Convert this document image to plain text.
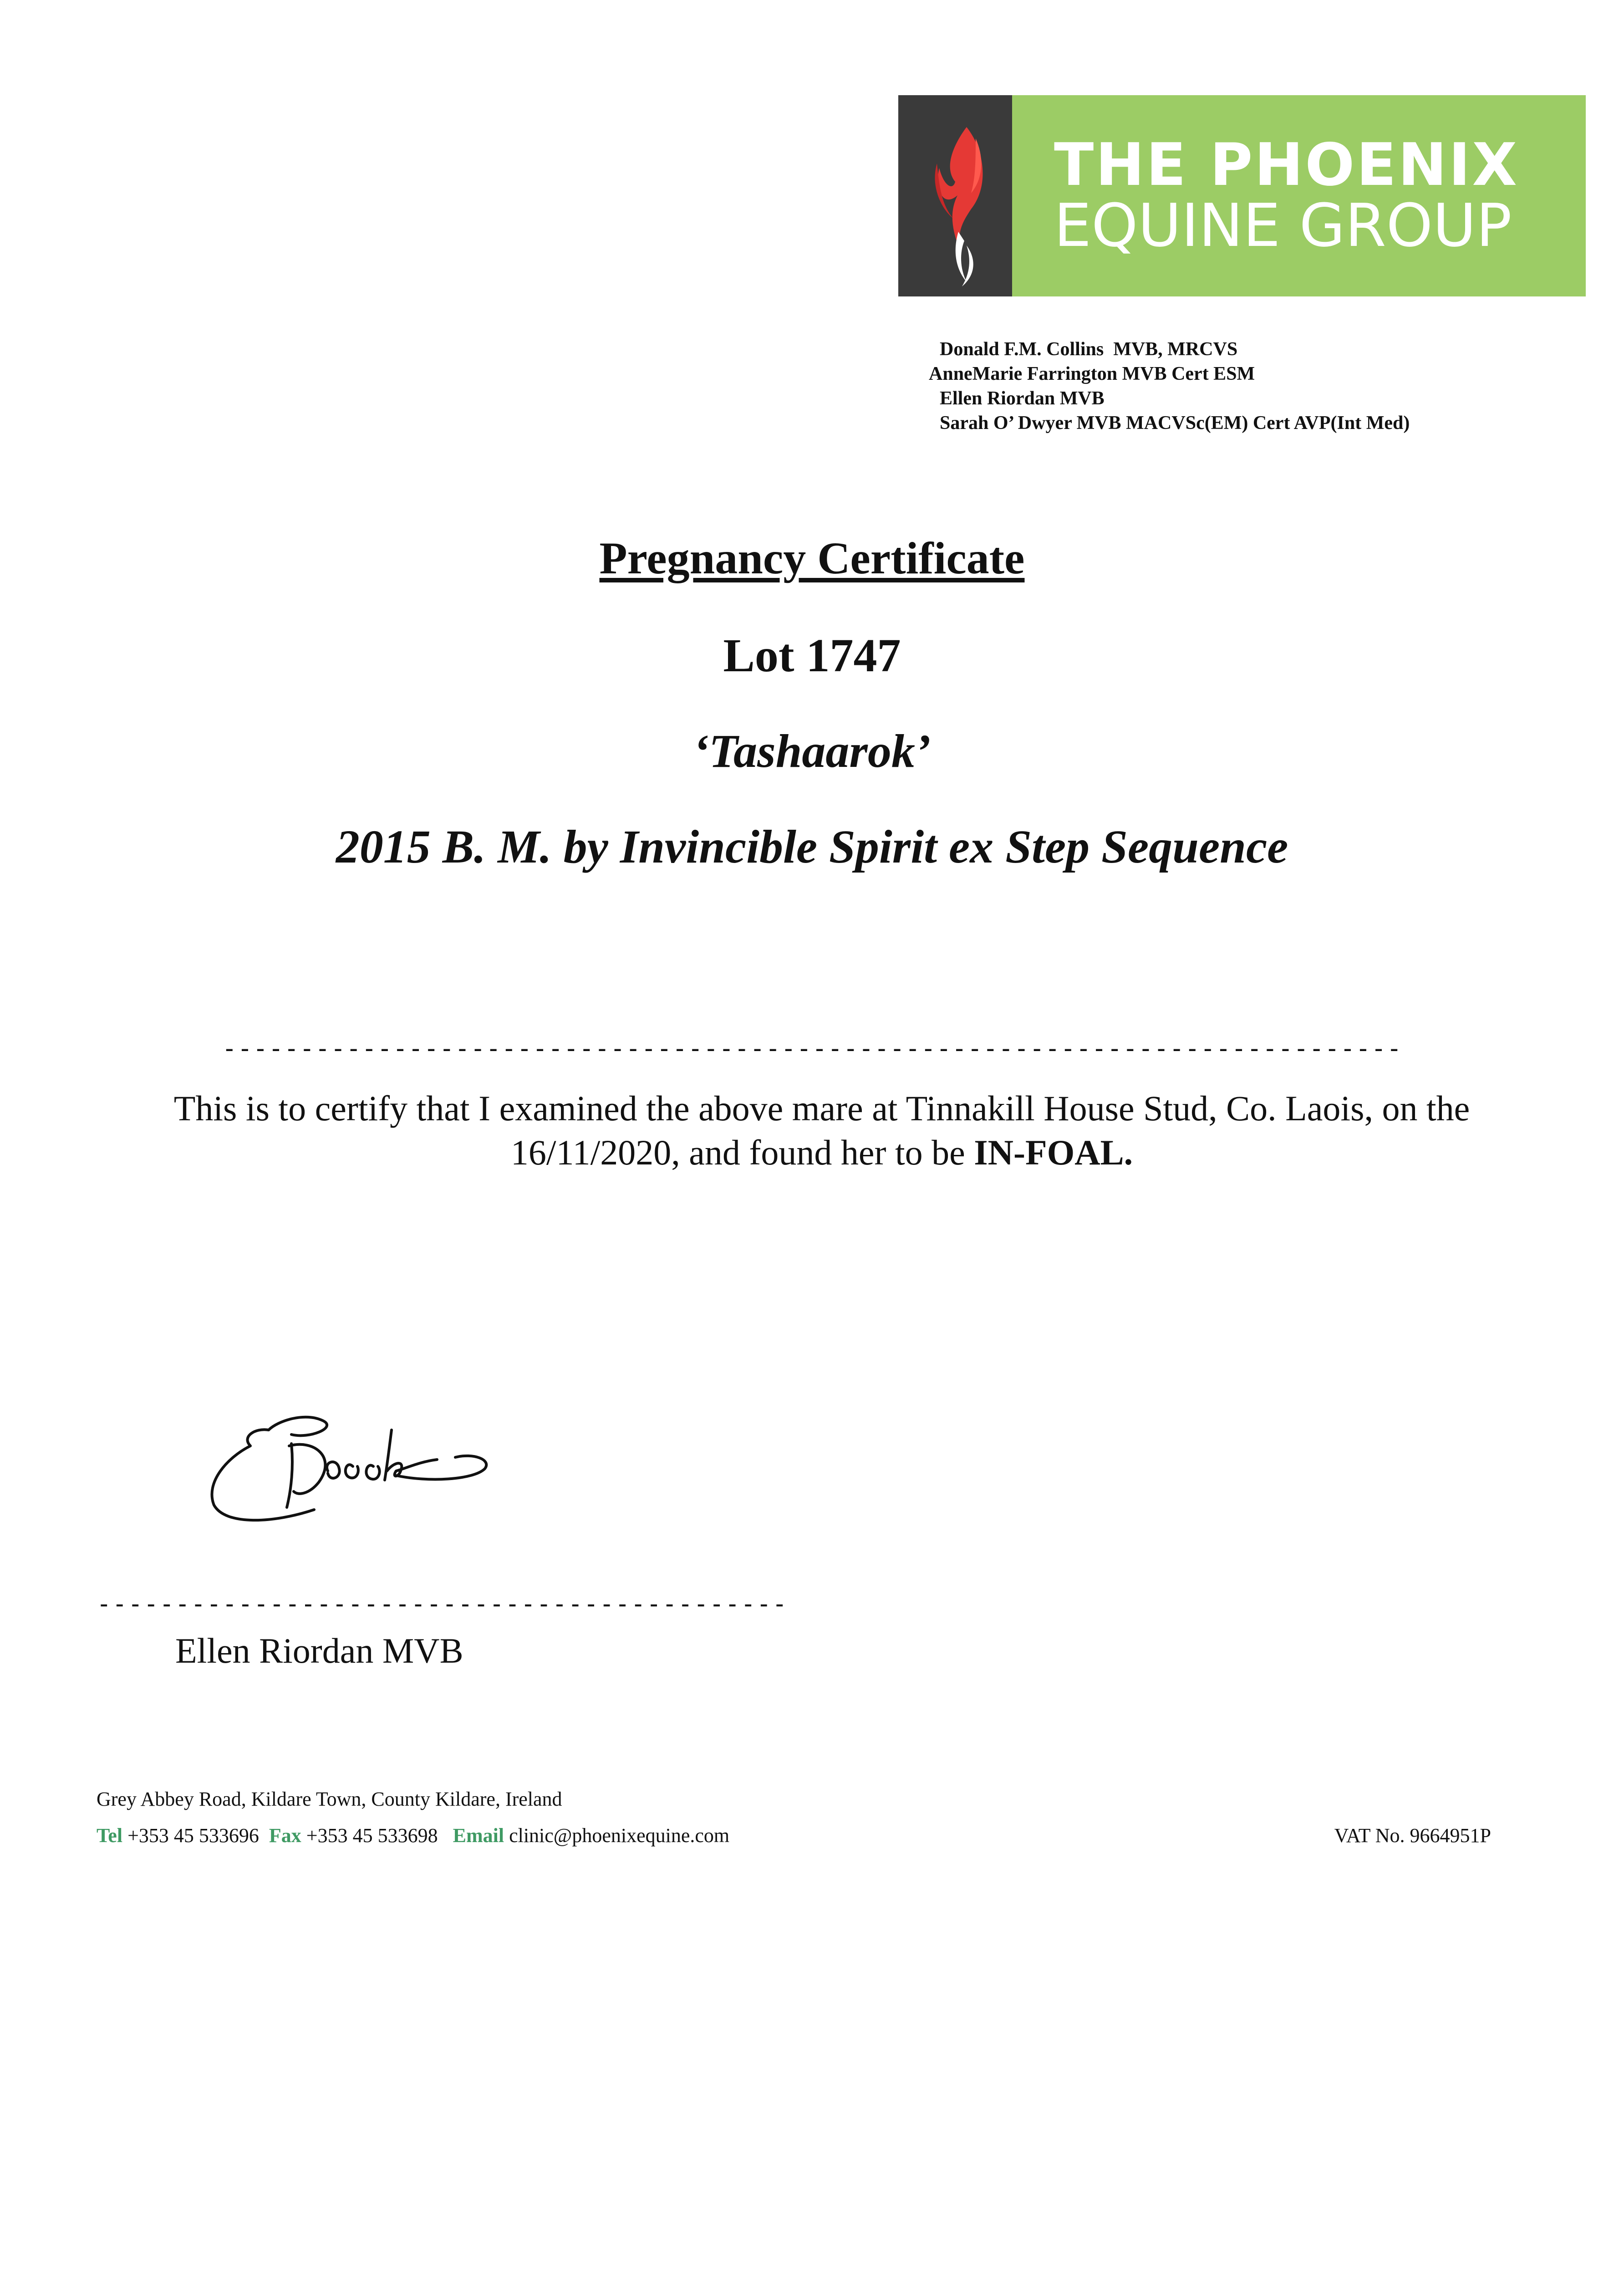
THE PHOENIX
EQUINE GROUP
Donald F.M. Collins  MVB, MRCVS
AnneMarie Farrington MVB Cert ESM
Ellen Riordan MVB
Sarah O’ Dwyer MVB MACVSc(EM) Cert AVP(Int Med)
Pregnancy Certificate
Lot 1747
‘Tashaarok’
2015 B. M. by Invincible Spirit ex Step Sequence
----------------------------------------------------------------------------
This is to certify that I examined the above mare at Tinnakill House Stud, Co. Laois, on the 16/11/2020, and found her to be IN-FOAL.
--------------------------------------------
Ellen Riordan MVB
Grey Abbey Road, Kildare Town, County Kildare, Ireland
Tel +353 45 533696 Fax +353 45 533698 Email clinic@phoenixequine.com	VAT No. 9664951P
